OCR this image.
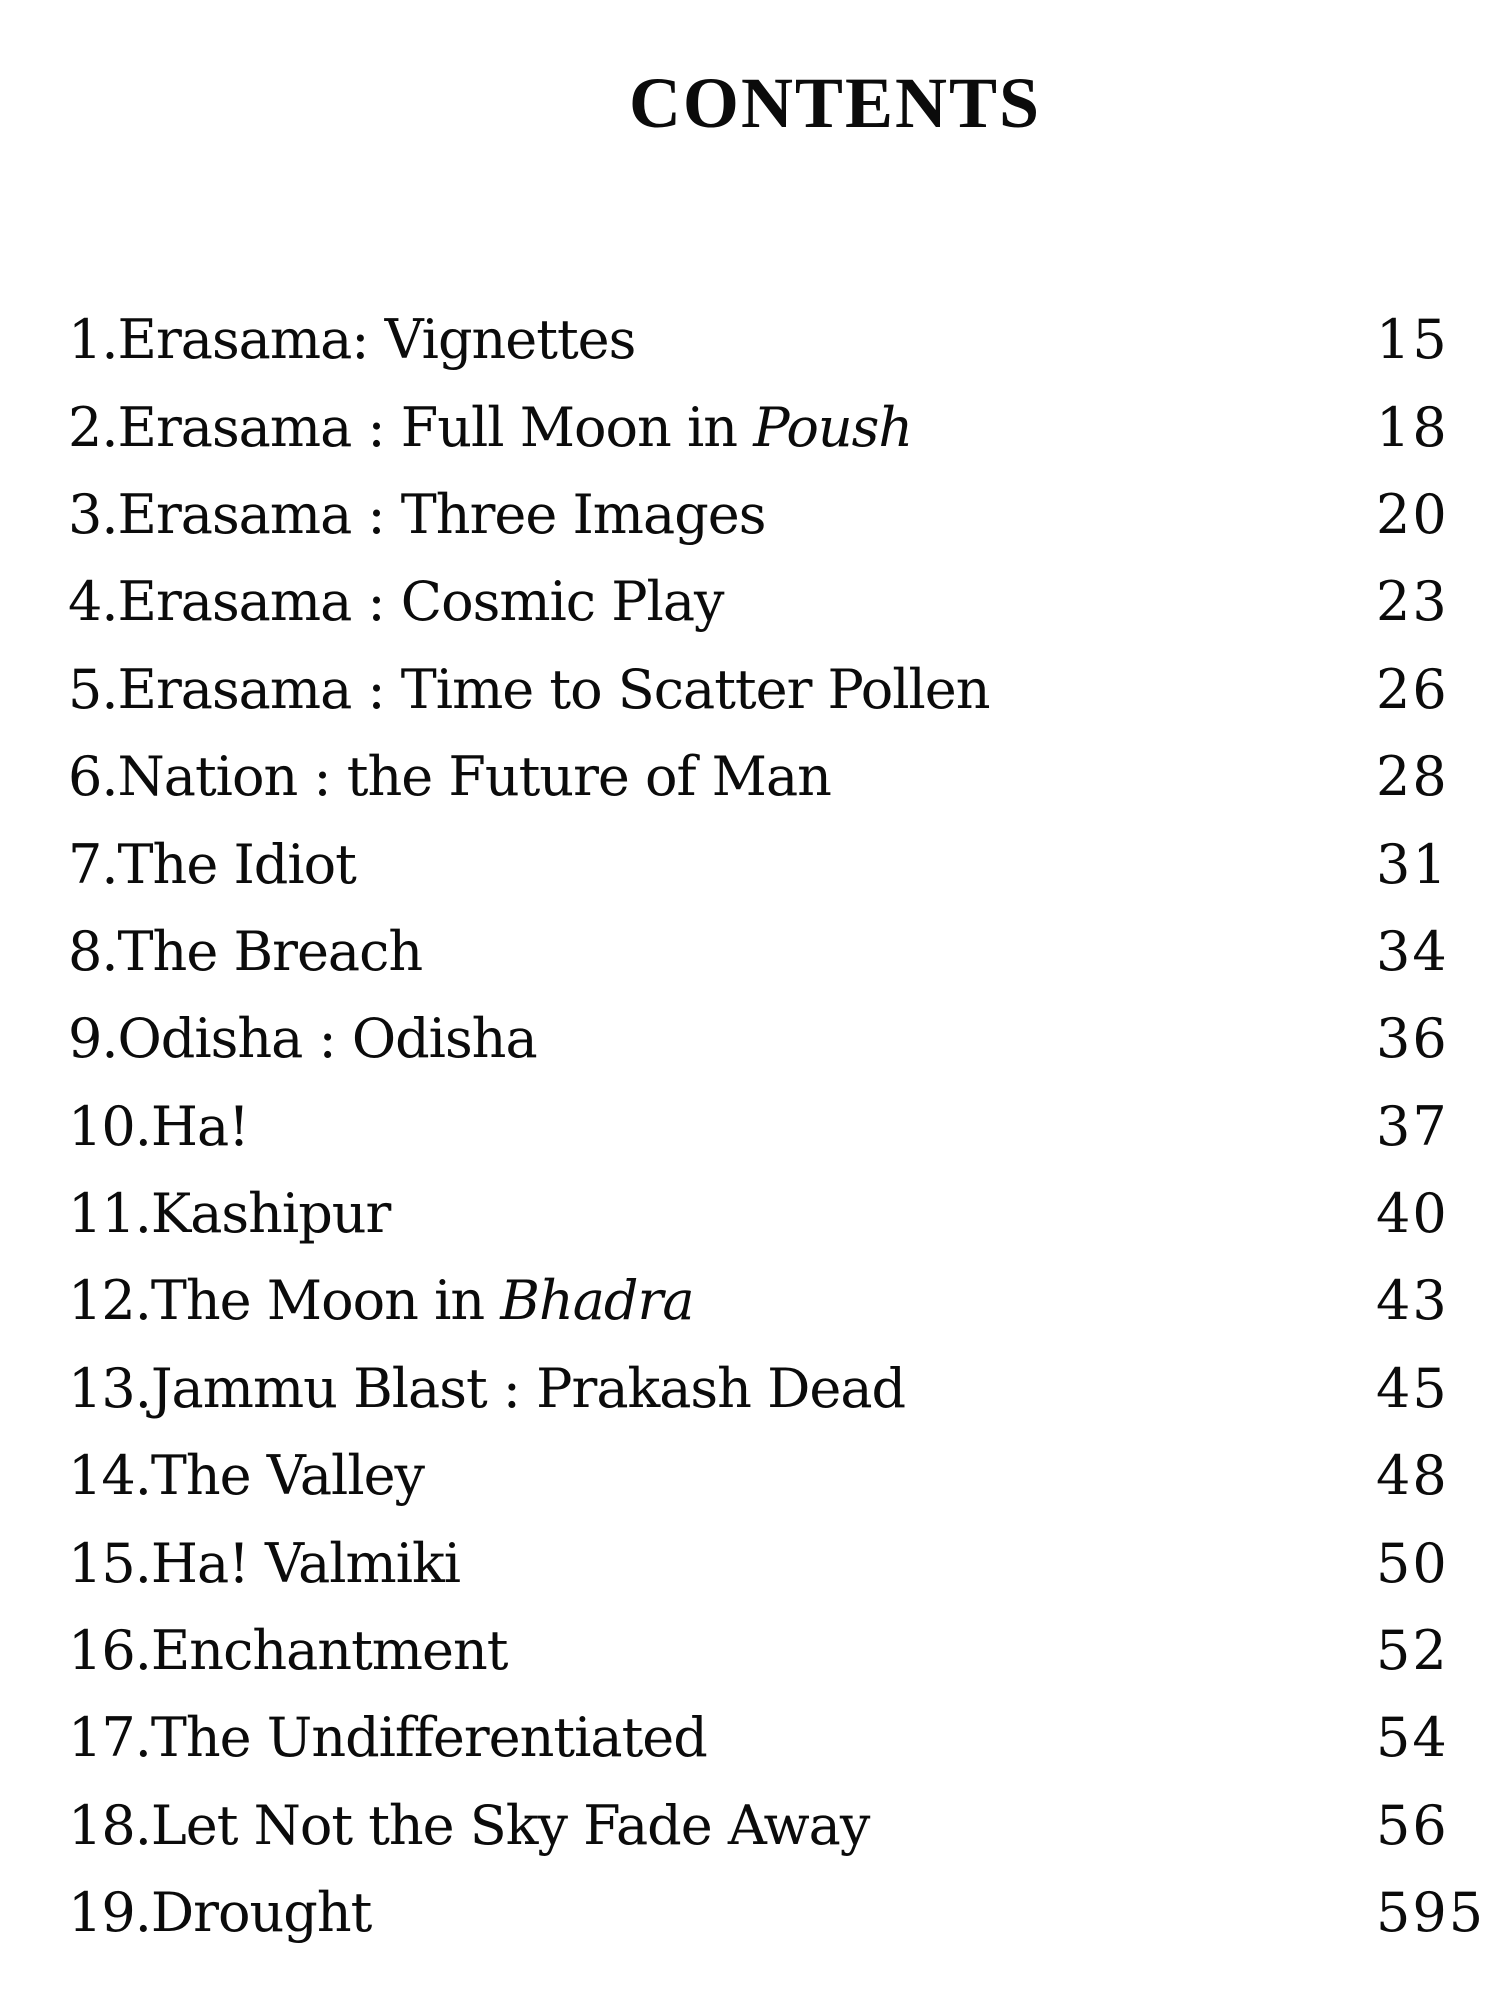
CONTENTS
1. Erasama: Vignettes	15
2. Erasama : Full Moon in Poush	18
3. Erasama : Three Images	20
4. Erasama : Cosmic Play	23
5. Erasama : Time to Scatter Pollen	26
6. Nation : the Future of Man	28
7. The Idiot	31
8. The Breach	34
9. Odisha : Odisha	36
10. Ha!	37
11. Kashipur	40
12. The Moon in Bhadra	43
13. Jammu Blast : Prakash Dead	45
14. The Valley	48
15. Ha! Valmiki	50
16. Enchantment	52
17. The Undifferentiated	54
18. Let Not the Sky Fade Away	56
19. Drought	595
